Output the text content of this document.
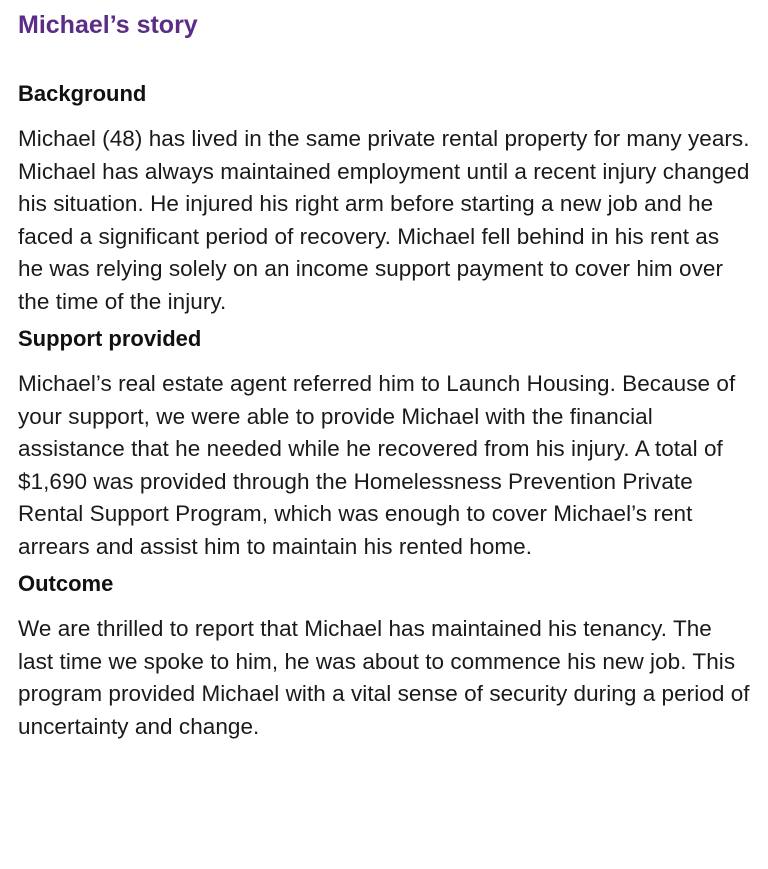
Michael’s story
Background

Michael (48) has lived in the same private rental property for many years. Michael has always maintained employment until a recent injury changed his situation. He injured his right arm before starting a new job and he faced a significant period of recovery. Michael fell behind in his rent as he was relying solely on an income support payment to cover him over the time of the injury.

Support provided

Michael’s real estate agent referred him to Launch Housing. Because of your support, we were able to provide Michael with the financial assistance that he needed while he recovered from his injury. A total of $1,690 was provided through the Homelessness Prevention Private Rental Support Program, which was enough to cover Michael’s rent arrears and assist him to maintain his rented home.

Outcome

We are thrilled to report that Michael has maintained his tenancy. The last time we spoke to him, he was about to commence his new job. This program provided Michael with a vital sense of security during a period of uncertainty and change.
